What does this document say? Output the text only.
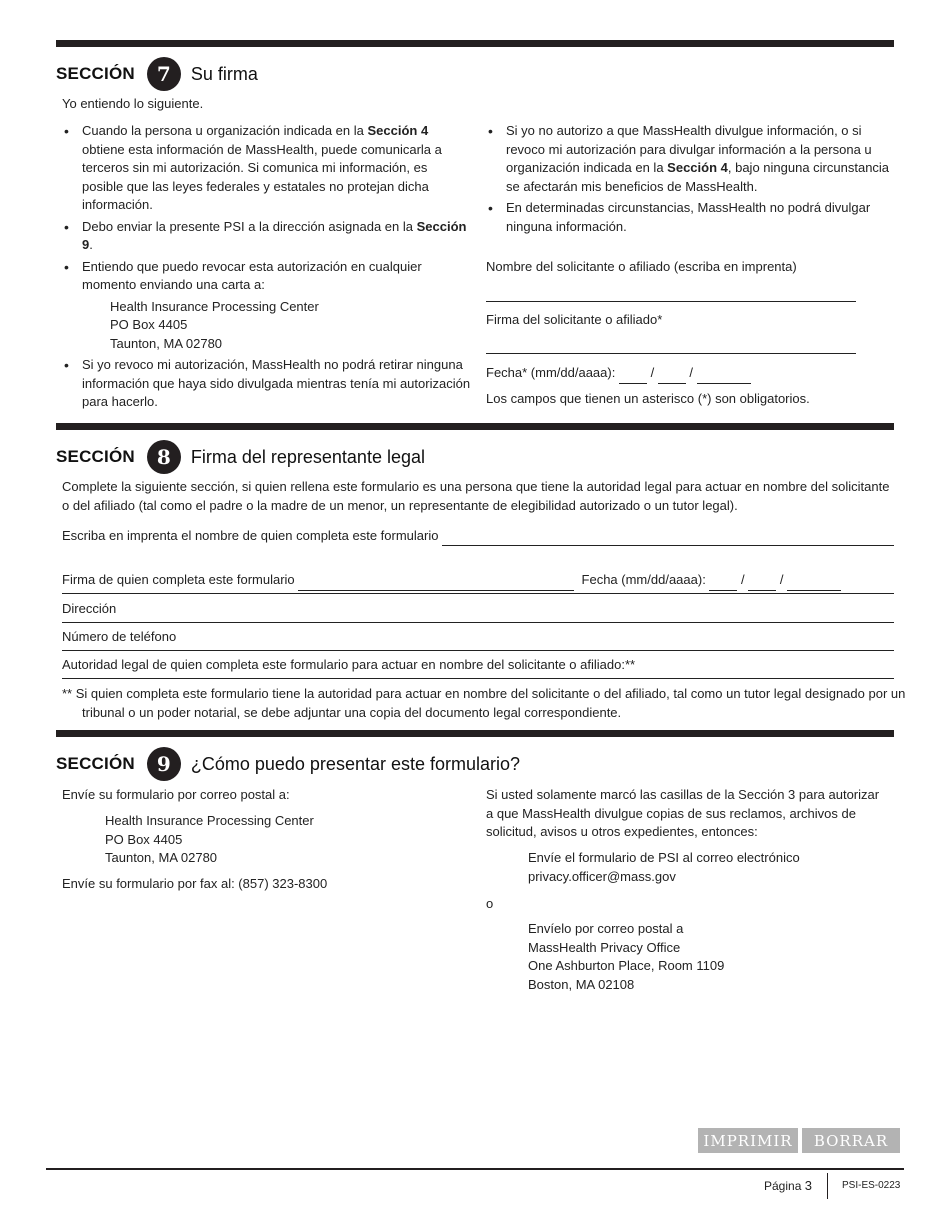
SECCIÓN	7	Su firma
Yo entiendo lo siguiente.
• Cuando la persona u organización indicada en la Sección 4 obtiene esta información de MassHealth, puede comunicarla a terceros sin mi autorización. Si comunica mi información, es posible que las leyes federales y estatales no protejan dicha información.
• Debo enviar la presente PSI a la dirección asignada en la Sección 9.
• Entiendo que puedo revocar esta autorización en cualquier momento enviando una carta a:
Health Insurance Processing Center
PO Box 4405
Taunton, MA 02780
• Si yo revoco mi autorización, MassHealth no podrá retirar ninguna información que haya sido divulgada mientras tenía mi autorización para hacerlo.
• Si yo no autorizo a que MassHealth divulgue información, o si revoco mi autorización para divulgar información a la persona u organización indicada en la Sección 4, bajo ninguna circunstancia se afectarán mis beneficios de MassHealth.
• En determinadas circunstancias, MassHealth no podrá divulgar ninguna información.
Nombre del solicitante o afiliado (escriba en imprenta)
Firma del solicitante o afiliado*
Fecha* (mm/dd/aaaa):   /   /
Los campos que tienen un asterisco (*) son obligatorios.
SECCIÓN	8	Firma del representante legal
Complete la siguiente sección, si quien rellena este formulario es una persona que tiene la autoridad legal para actuar en nombre del solicitante o del afiliado (tal como el padre o la madre de un menor, un representante de elegibilidad autorizado o un tutor legal).
Escriba en imprenta el nombre de quien completa este formulario
Firma de quien completa este formulario	Fecha (mm/dd/aaaa):   /   /
Dirección
Número de teléfono
Autoridad legal de quien completa este formulario para actuar en nombre del solicitante o afiliado:**
** Si quien completa este formulario tiene la autoridad para actuar en nombre del solicitante o del afiliado, tal como un tutor legal designado por un tribunal o un poder notarial, se debe adjuntar una copia del documento legal correspondiente.
SECCIÓN	9	¿Cómo puedo presentar este formulario?
Envíe su formulario por correo postal a:
Health Insurance Processing Center
PO Box 4405
Taunton, MA 02780
Envíe su formulario por fax al: (857) 323-8300
Si usted solamente marcó las casillas de la Sección 3 para autorizar a que MassHealth divulgue copias de sus reclamos, archivos de solicitud, avisos u otros expedientes, entonces:
Envíe el formulario de PSI al correo electrónico
privacy.officer@mass.gov
o
Envíelo por correo postal a
MassHealth Privacy Office
One Ashburton Place, Room 1109
Boston, MA 02108
IMPRIMIR	BORRAR
Página 3	PSI-ES-0223
